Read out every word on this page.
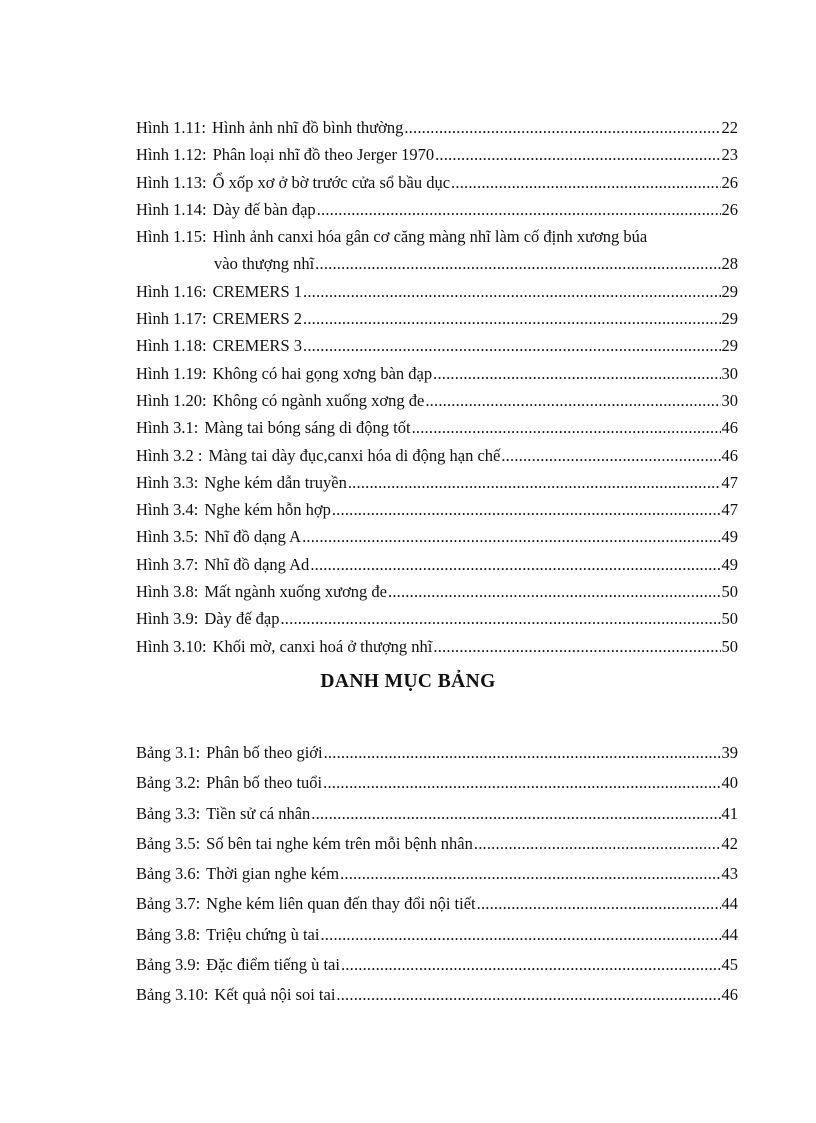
Hình 1.11: Hình ảnh nhĩ đồ bình thường .....	22
Hình 1.12: Phân loại nhĩ đồ theo Jerger 1970 .....	23
Hình 1.13: Ổ xốp xơ ở bờ trước cửa sổ bầu dục .....	26
Hình 1.14: Dày đế bàn đạp .....	26
Hình 1.15: Hình ảnh canxi hóa gân cơ căng màng nhĩ làm cố định xương búa
vào thượng nhĩ .....	28
Hình 1.16: CREMERS 1 .....	29
Hình 1.17: CREMERS 2 .....	29
Hình 1.18: CREMERS 3 .....	29
Hình 1.19: Không có hai gọng xơng bàn đạp .....	30
Hình 1.20: Không có ngành xuống xơng đe .....	30
Hình 3.1: Màng tai bóng sáng di động tốt .....	46
Hình 3.2 : Màng tai dày đục,canxi hóa di động hạn chế .....	46
Hình 3.3: Nghe kém dẫn truyền .....	47
Hình 3.4: Nghe kém hỗn hợp .....	47
Hình 3.5: Nhĩ đồ dạng A .....	49
Hình 3.7: Nhĩ đồ dạng Ad .....	49
Hình 3.8: Mất ngành xuống xương đe .....	50
Hình 3.9: Dày đế đạp .....	50
Hình 3.10: Khối mờ, canxi hoá ở thượng nhĩ .....	50
DANH MỤC BẢNG
Bảng 3.1: Phân bố theo giới .....	39
Bảng 3.2: Phân bố theo tuổi .....	40
Bảng 3.3: Tiền sử cá nhân .....	41
Bảng 3.5: Số bên tai nghe kém trên mỗi bệnh nhân .....	42
Bảng 3.6: Thời gian nghe kém .....	43
Bảng 3.7: Nghe kém liên quan đến thay đổi nội tiết .....	44
Bảng 3.8: Triệu chứng ù tai .....	44
Bảng 3.9: Đặc điểm tiếng ù tai .....	45
Bảng 3.10: Kết quả nội soi tai .....	46
